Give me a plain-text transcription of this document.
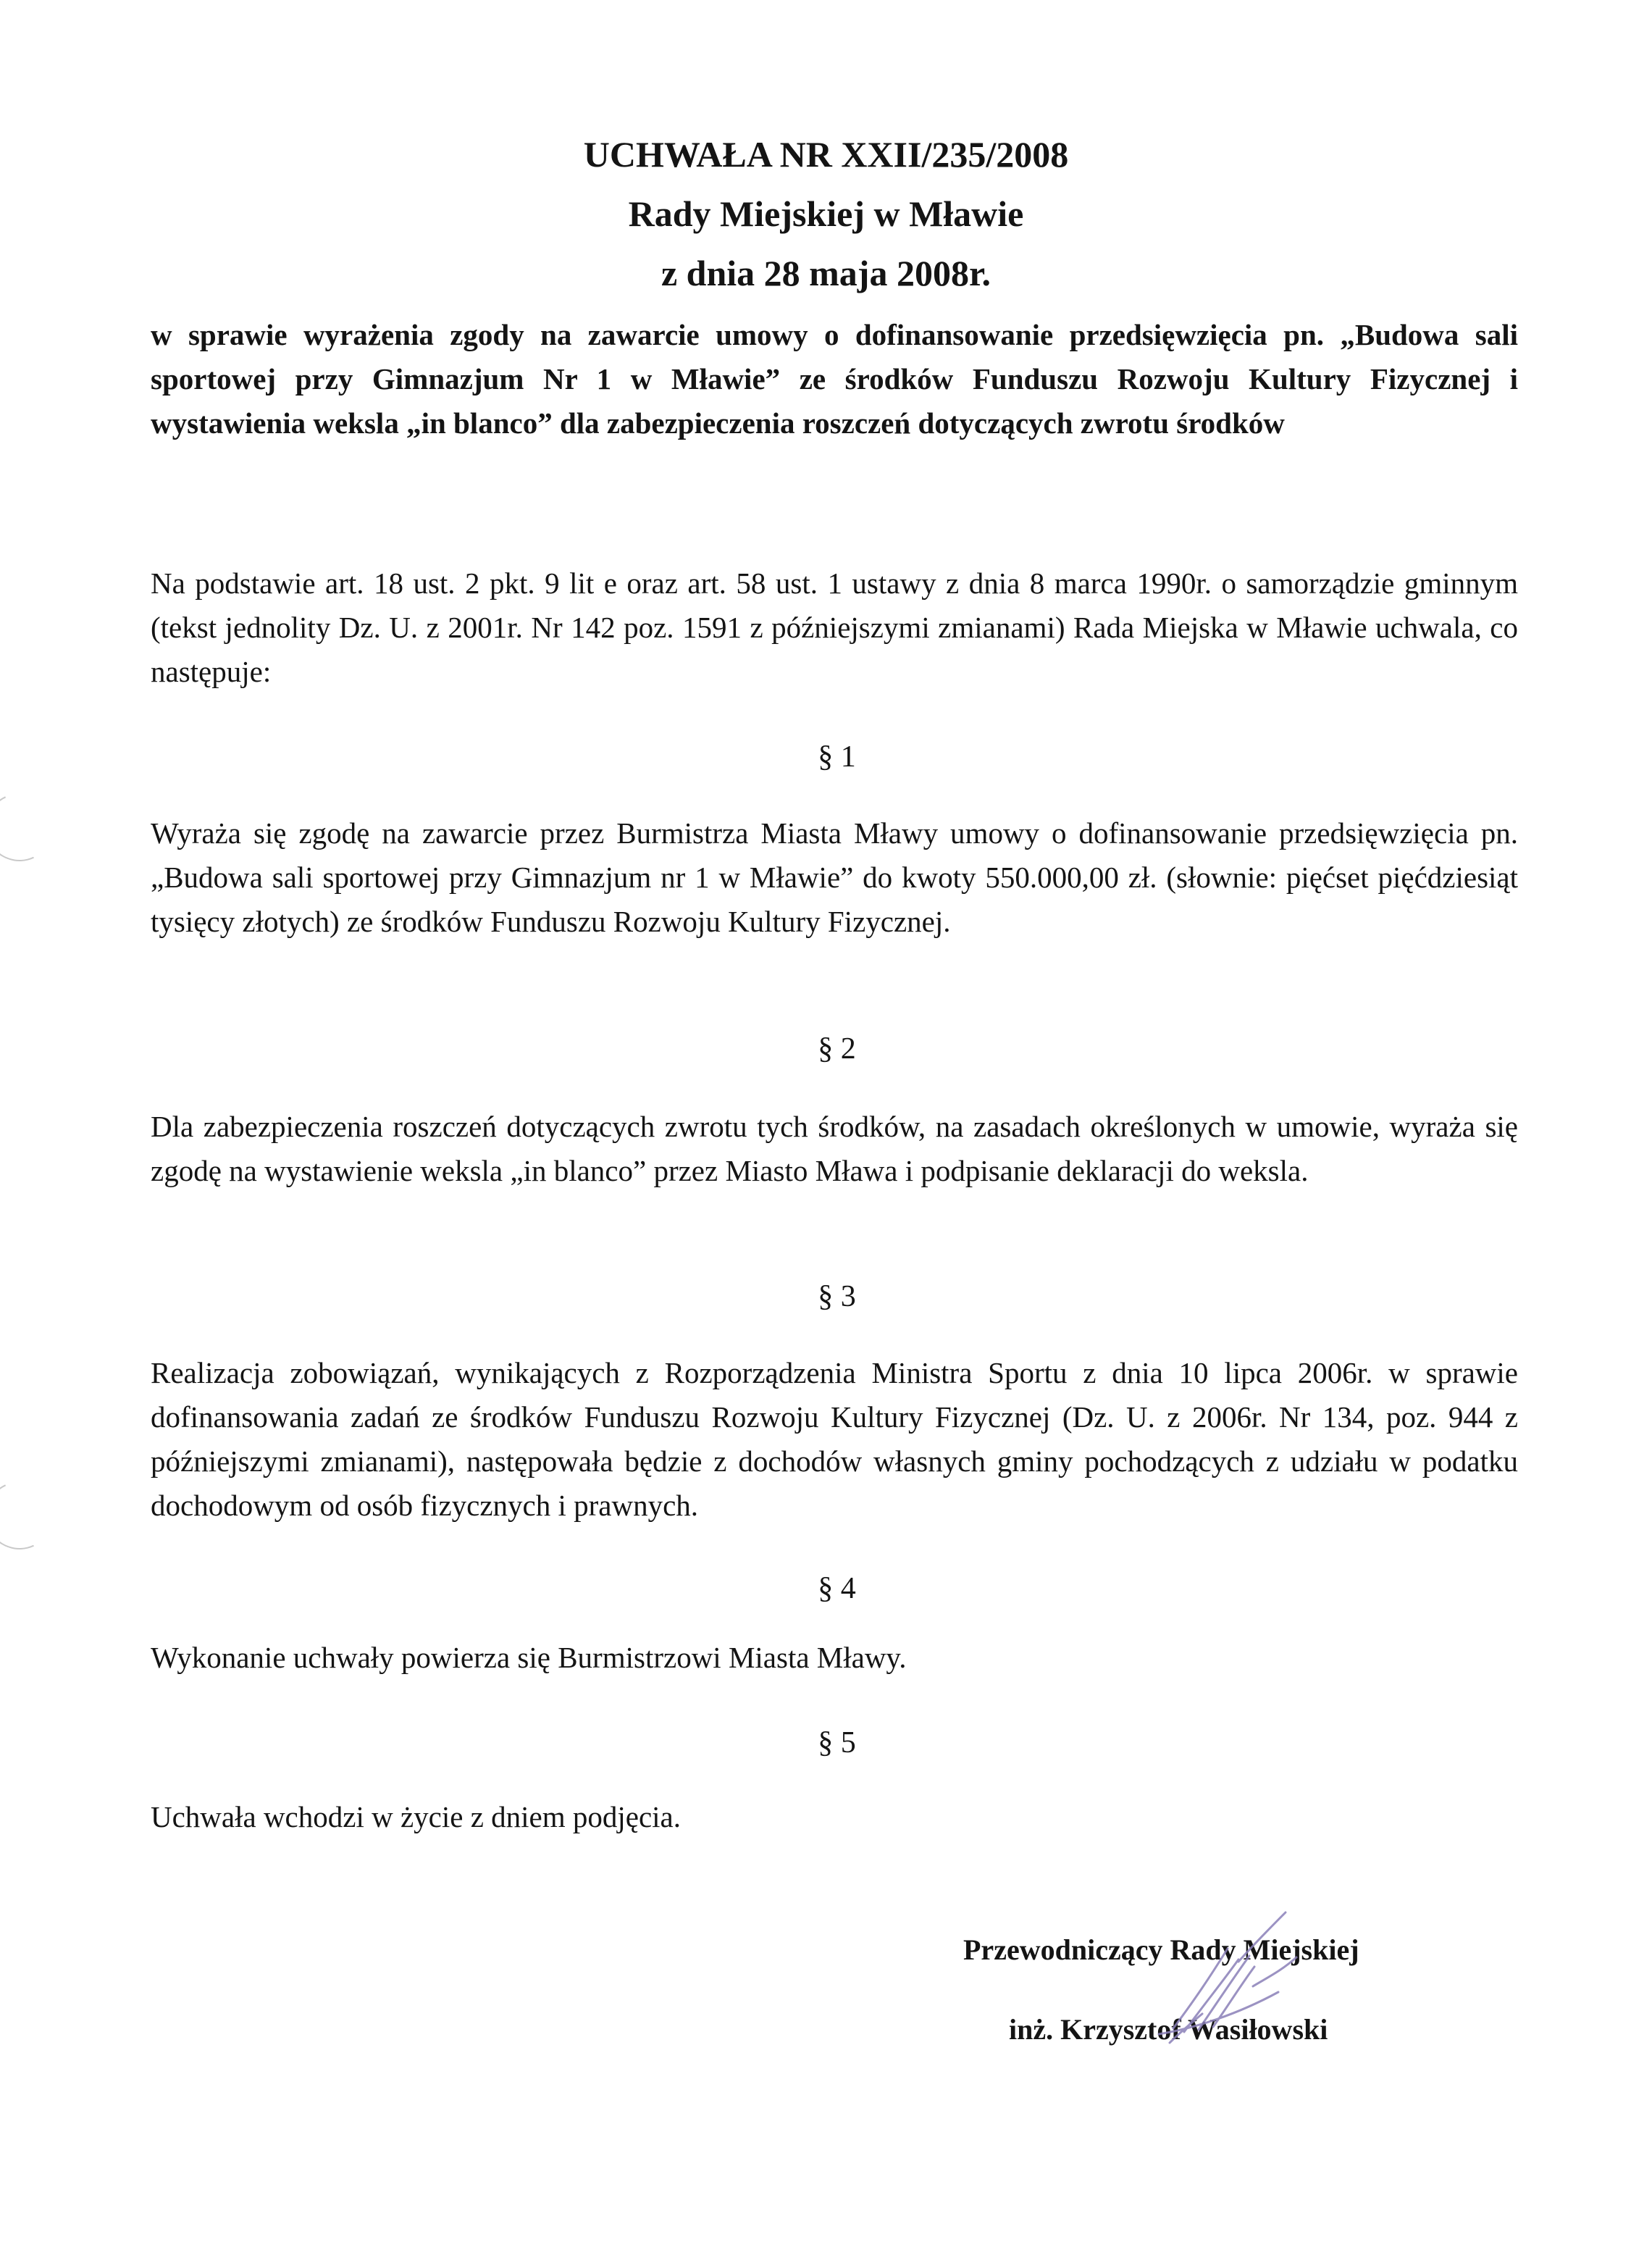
UCHWAŁA NR XXII/235/2008
Rady Miejskiej w Mławie
z dnia 28 maja 2008r.
w sprawie wyrażenia zgody na zawarcie umowy o dofinansowanie przedsięwzięcia pn. „Budowa sali sportowej przy Gimnazjum Nr 1 w Mławie” ze środków Funduszu Rozwoju Kultury Fizycznej i wystawienia weksla „in blanco” dla zabezpieczenia roszczeń dotyczących zwrotu środków
Na podstawie art. 18 ust. 2 pkt. 9 lit e oraz art. 58 ust. 1 ustawy z dnia 8 marca 1990r. o samorządzie gminnym (tekst jednolity Dz. U. z 2001r. Nr 142 poz. 1591 z późniejszymi zmianami) Rada Miejska w Mławie uchwala, co następuje:
§ 1
Wyraża się zgodę na zawarcie przez Burmistrza Miasta Mławy umowy o dofinansowanie przedsięwzięcia pn. „Budowa sali sportowej przy Gimnazjum nr 1 w Mławie” do kwoty 550.000,00 zł. (słownie: pięćset pięćdziesiąt tysięcy złotych) ze środków Funduszu Rozwoju Kultury Fizycznej.
§ 2
Dla zabezpieczenia roszczeń dotyczących zwrotu tych środków, na zasadach określonych w umowie, wyraża się zgodę na wystawienie weksla „in blanco” przez Miasto Mława i podpisanie deklaracji do weksla.
§ 3
Realizacja zobowiązań, wynikających z Rozporządzenia Ministra Sportu z dnia 10 lipca 2006r. w sprawie dofinansowania zadań ze środków Funduszu Rozwoju Kultury Fizycznej (Dz. U. z 2006r. Nr 134, poz. 944 z późniejszymi zmianami), następowała będzie z dochodów własnych gminy pochodzących z udziału w podatku dochodowym od osób fizycznych i prawnych.
§ 4
Wykonanie uchwały powierza się Burmistrzowi Miasta Mławy.
§ 5
Uchwała wchodzi w życie z dniem podjęcia.
Przewodniczący Rady Miejskiej
inż. Krzysztof Wasiłowski
